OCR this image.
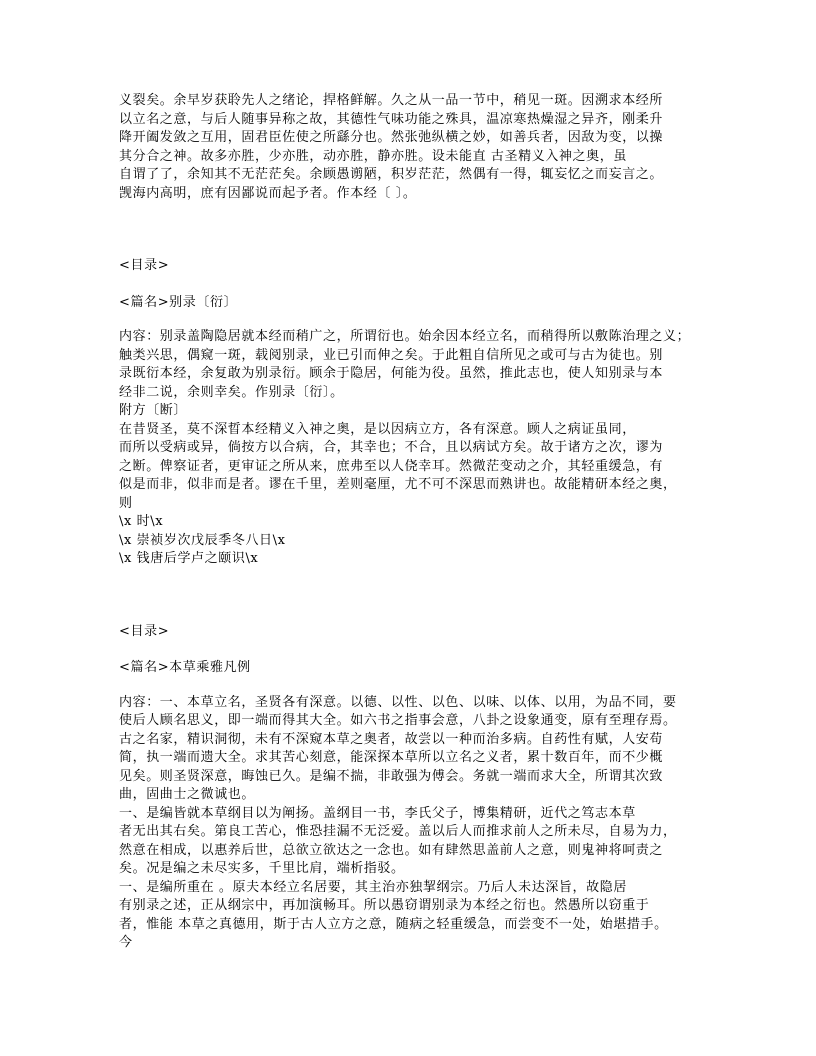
义裂矣。余早岁获聆先人之绪论，捍格鲜解。久之从一品一节中，稍见一斑。因溯求本经所
以立名之意，与后人随事异称之故，其德性气味功能之殊具，温凉寒热燥湿之异齐，刚柔升
降开阖发敛之互用，固君臣佐使之所繇分也。然张弛纵横之妙，如善兵者，因敌为变，以操
其分合之神。故多亦胜，少亦胜，动亦胜，静亦胜。设未能直 古圣精义入神之奥，虽
自谓了了，余知其不无茫茫矣。余顾愚谫陋，积岁茫茫，然偶有一得，辄妄忆之而妄言之。
觊海内高明，庶有因鄙说而起予者。作本经〔 〕。
<目录>
<篇名>别录〔衍〕
内容：别录盖陶隐居就本经而稍广之，所谓衍也。始余因本经立名，而稍得所以敷陈治理之义；
触类兴思，偶窥一斑，载阅别录，业已引而伸之矣。于此粗自信所见之或可与古为徒也。别
录既衍本经，余复敢为别录衍。顾余于隐居，何能为役。虽然，推此志也，使人知别录与本
经非二说，余则幸矣。作别录〔衍〕。
附方〔断〕
在昔贤圣，莫不深晢本经精义入神之奥，是以因病立方，各有深意。顾人之病证虽同，
而所以受病或异，倘按方以合病，合，其幸也；不合，且以病试方矣。故于诸方之次，谬为
之断。俾察证者，更审证之所从来，庶弗至以人侥幸耳。然微茫变动之介，其轻重缓急，有
似是而非，似非而是者。谬在千里，差则毫厘，尤不可不深思而熟讲也。故能精研本经之奥，
则
\x 时\x
\x 崇祯岁次戊辰季冬八日\x
\x 钱唐后学卢之颐识\x
<目录>
<篇名>本草乘雅凡例
内容：一、本草立名，圣贤各有深意。以德、以性、以色、以味、以体、以用，为品不同，要
使后人顾名思义，即一端而得其大全。如六书之指事会意，八卦之设象通变，原有至理存焉。
古之名家，精识洞彻，未有不深窥本草之奥者，故尝以一种而治多病。自药性有赋，人安苟
简，执一端而遗大全。求其苦心刻意，能深探本草所以立名之义者，累十数百年，而不少概
见矣。则圣贤深意，晦蚀已久。是编不揣，非敢强为傅会。务就一端而求大全，所谓其次致
曲，固曲士之微诚也。
一、是编皆就本草纲目以为阐扬。盖纲目一书，李氏父子，博集精研，近代之笃志本草
者无出其右矣。第良工苦心，惟恐挂漏不无泛爱。盖以后人而推求前人之所未尽，自易为力，
然意在相成，以惠养后世，总欲立欲达之一念也。如有肆然思盖前人之意，则鬼神将呵责之
矣。况是编之未尽实多，千里比肩，端析指驳。
一、是编所重在 。原夫本经立名居要，其主治亦独挈纲宗。乃后人未达深旨，故隐居
有别录之述，正从纲宗中，再加演畅耳。所以愚窃谓别录为本经之衍也。然愚所以窃重于
者，惟能 本草之真德用，斯于古人立方之意，随病之轻重缓急，而尝变不一处，始堪措手。
今
